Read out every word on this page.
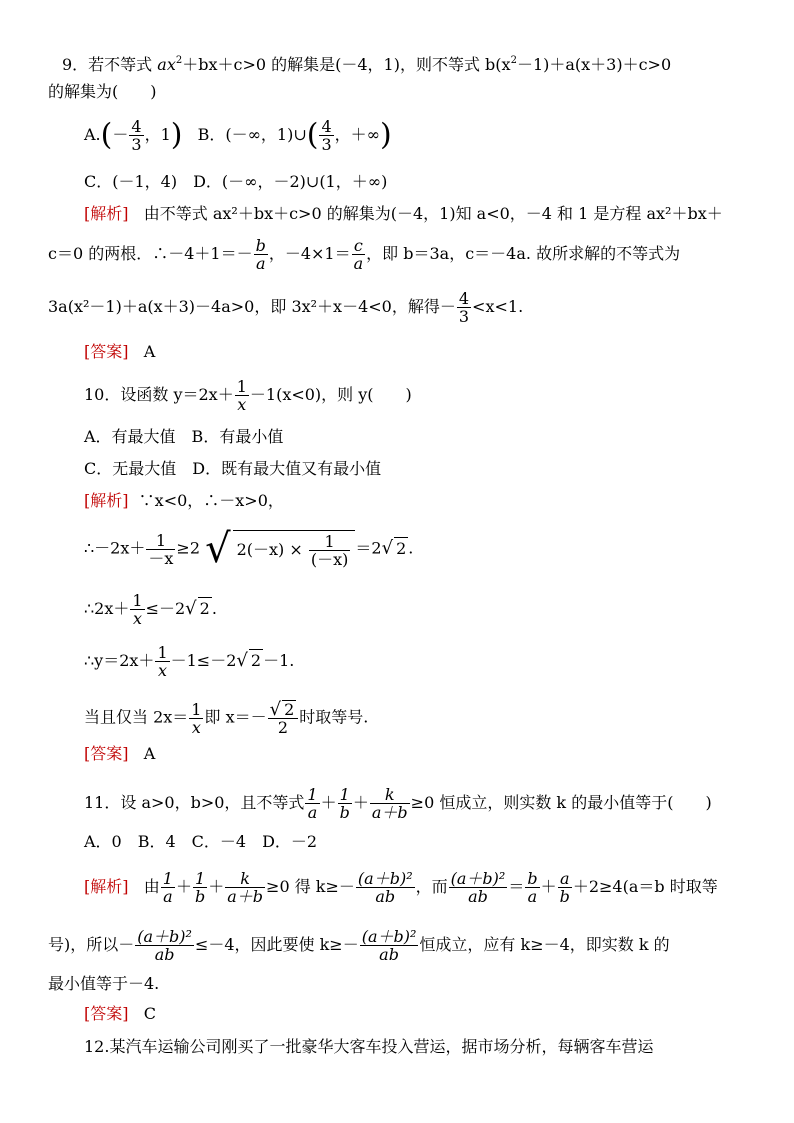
9．若不等式 $ax^2+bx+c>0$ 的解集是(－4，1)，则不等式 $b(x^2-1)+a(x+3)+c>0$
的解集为(　　)
$A.(- \frac{4}{3}$ ，1) B．(－∞，1)∪( $\frac{4}{3}$ ，＋∞)
C．(－1，4)　D．(－∞，－2)∪(1，＋∞)
[解析] 由不等式 ax²＋bx＋c>0 的解集为(－4，1)知 a<0，－4 和 1 是方程 ax²＋bx＋
c＝0 的两根．∴－4＋1＝－ $\frac{b}{a}$ ，$-4\times 1= \frac{c}{a}$ ，即 b＝3a，c＝－4a. 故所求解的不等式为
3a(x²－1)＋a(x＋3)－4a>0，即 3x²＋x－4<0，解得－ $\frac{4}{3} <x<1$.
[答案] A
10．设函数 $y=2x+ \frac{1}{x} -1(x<0)$，则 y(　　)
A．有最大值　B．有最小值
C．无最大值　D．既有最大值又有最小值
[解析] ∵x<0，∴－x>0，
∴－2x＋ $\frac{1}{-x} \ge 2$ √ $2(-x) \times \frac{1}{(-x)} =2√$ 2 .
∴2x＋ $\frac{1}{x} \le-2√$ 2 .
∴y＝2x＋ $\frac{1}{x} -1\le-2√$ 2 －1.
当且仅当 $2x= \frac{1}{x}$ 即 $x=- \frac{√ 2}{2}$ 时取等号.
[答案] A
11．设 a>0，b>0，且不等式 $\frac{1}{a} + \frac{1}{b} + \frac{k}{a+b} \ge 0$ 恒成立，则实数 k 的最小值等于(　　)
A．0　B．4　C．－4　D．－2
[解析] 由 $\frac{1}{a} + \frac{1}{b} + \frac{k}{a+b} \ge 0$ 得 $k\ge- \frac{\text{(a＋b)²}}{ab}$ ，而 $\frac{\text{(a＋b)²}}{ab} = \frac{b}{a} + \frac{a}{b} +2\ge 4(a=b$ 时取等
号)，所以－ $\frac{\text{(a＋b)²}}{ab} \le-4$，因此要使 $k\ge- \frac{\text{(a＋b)²}}{ab}$ 恒成立，应有 k≥－4，即实数 k 的
最小值等于－4.
[答案] C
12.某汽车运输公司刚买了一批豪华大客车投入营运，据市场分析，每辆客车营运
